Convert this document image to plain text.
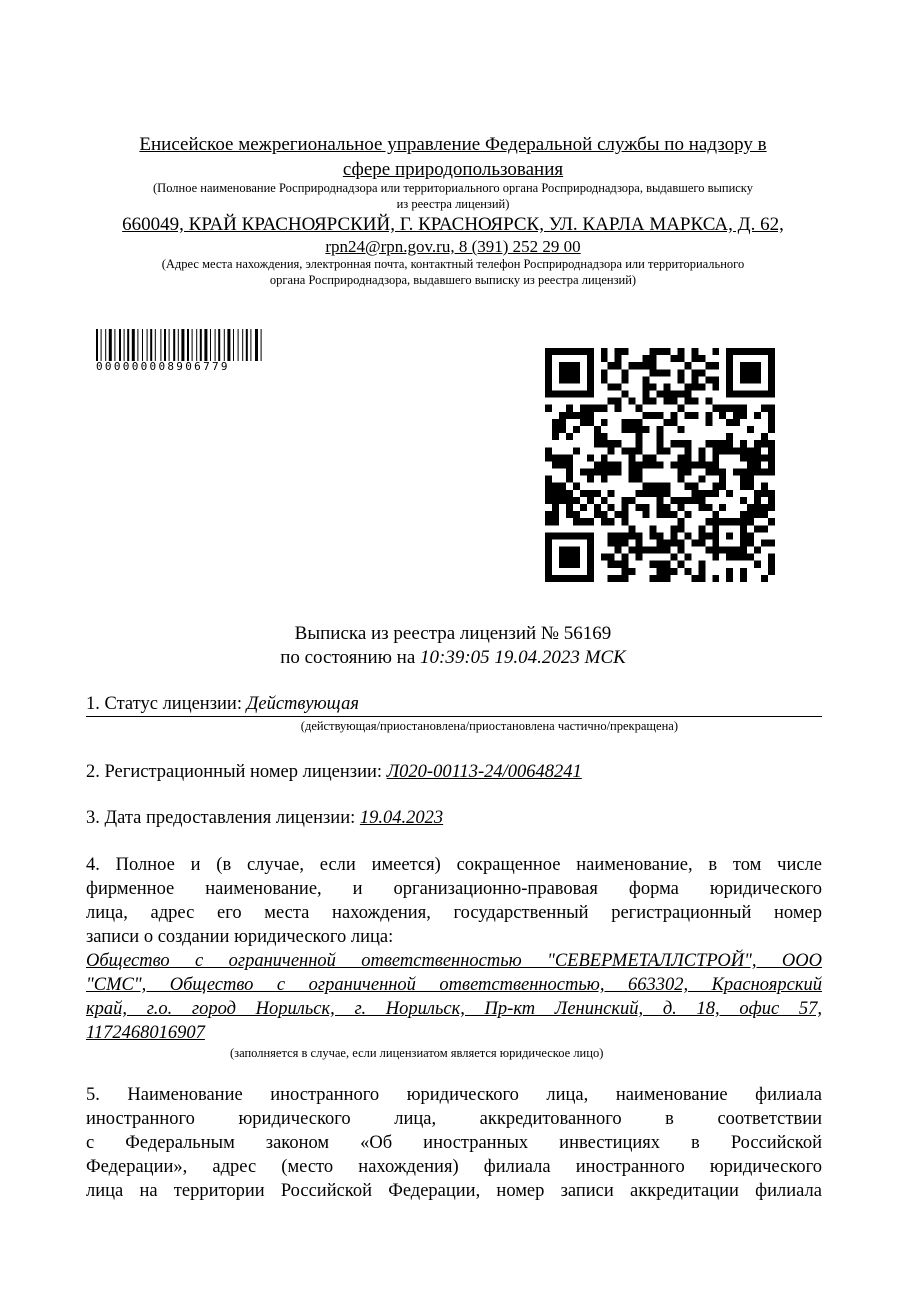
Енисейское межрегиональное управление Федеральной службы по надзору в
сфере природопользования
(Полное наименование Росприроднадзора или территориального органа Росприроднадзора, выдавшего выписку
из реестра лицензий)
660049, КРАЙ КРАСНОЯРСКИЙ, Г. КРАСНОЯРСК, УЛ. КАРЛА МАРКСА, Д. 62,
rpn24@rpn.gov.ru, 8 (391) 252 29 00
(Адрес места нахождения, электронная почта, контактный телефон Росприроднадзора или территориального
органа Росприроднадзора, выдавшего выписку из реестра лицензий)
000000008906779
Выписка из реестра лицензий № 56169
по состоянию на 10:39:05 19.04.2023 МСК
1. Статус лицензии: Действующая
(действующая/приостановлена/приостановлена частично/прекращена)
2. Регистрационный номер лицензии: Л020-00113-24/00648241
3. Дата предоставления лицензии: 19.04.2023
4. Полное и (в случае, если имеется) сокращенное наименование, в том числе
фирменное наименование, и организационно-правовая форма юридического
лица, адрес его места нахождения, государственный регистрационный номер
записи о создании юридического лица:
Общество с ограниченной ответственностью "СЕВЕРМЕТАЛЛСТРОЙ", ООО
"СМС", Общество с ограниченной ответственностью, 663302, Красноярский
край, г.о. город Норильск, г. Норильск, Пр-кт Ленинский, д. 18, офис 57,
1172468016907
(заполняется в случае, если лицензиатом является юридическое лицо)
5. Наименование иностранного юридического лица, наименование филиала
иностранного юридического лица, аккредитованного в соответствии
с Федеральным законом «Об иностранных инвестициях в Российской
Федерации», адрес (место нахождения) филиала иностранного юридического
лица на территории Российской Федерации, номер записи аккредитации филиала
